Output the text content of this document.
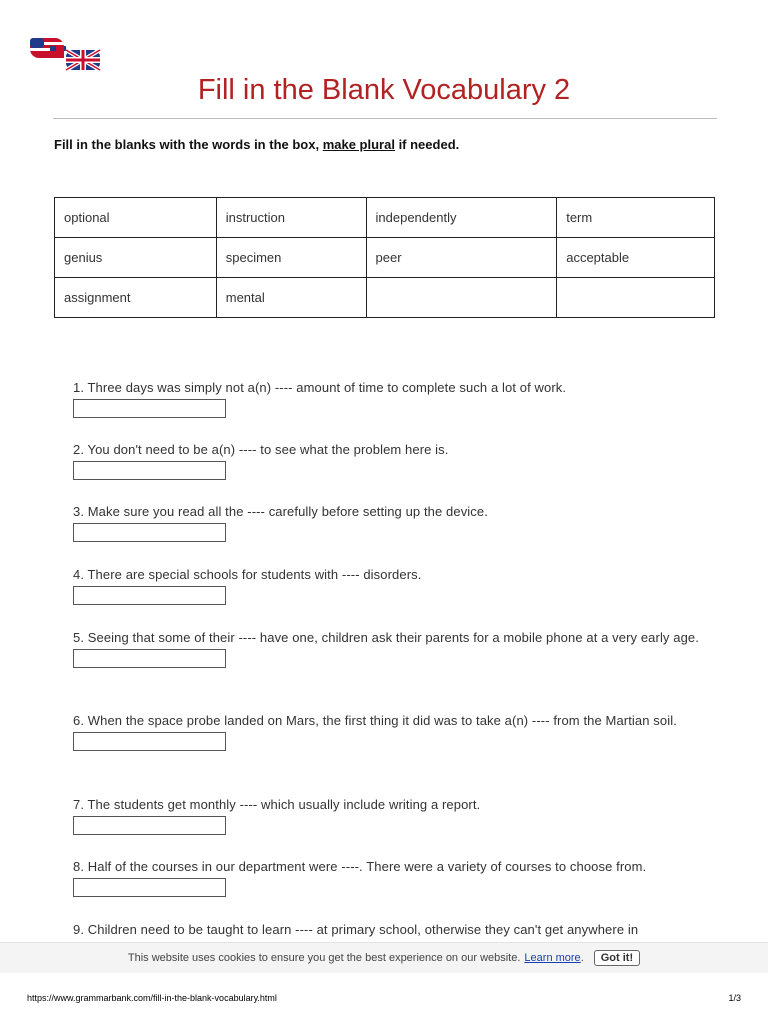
Fill in the Blank Vocabulary 2
Fill in the blanks with the words in the box, make plural if needed.
optional	instruction	independently	term
genius	specimen	peer	acceptable
assignment	mental		
1. Three days was simply not a(n) ---- amount of time to complete such a lot of work.
2. You don't need to be a(n) ---- to see what the problem here is.
3. Make sure you read all the ---- carefully before setting up the device.
4. There are special schools for students with ---- disorders.
5. Seeing that some of their ---- have one, children ask their parents for a mobile phone at a very early age.
6. When the space probe landed on Mars, the first thing it did was to take a(n) ---- from the Martian soil.
7. The students get monthly ---- which usually include writing a report.
8. Half of the courses in our department were ----. There were a variety of courses to choose from.
9. Children need to be taught to learn ---- at primary school, otherwise they can't get anywhere in
This website uses cookies to ensure you get the best experience on our website. Learn more .	Got it!
https://www.grammarbank.com/fill-in-the-blank-vocabulary.html	1/3
